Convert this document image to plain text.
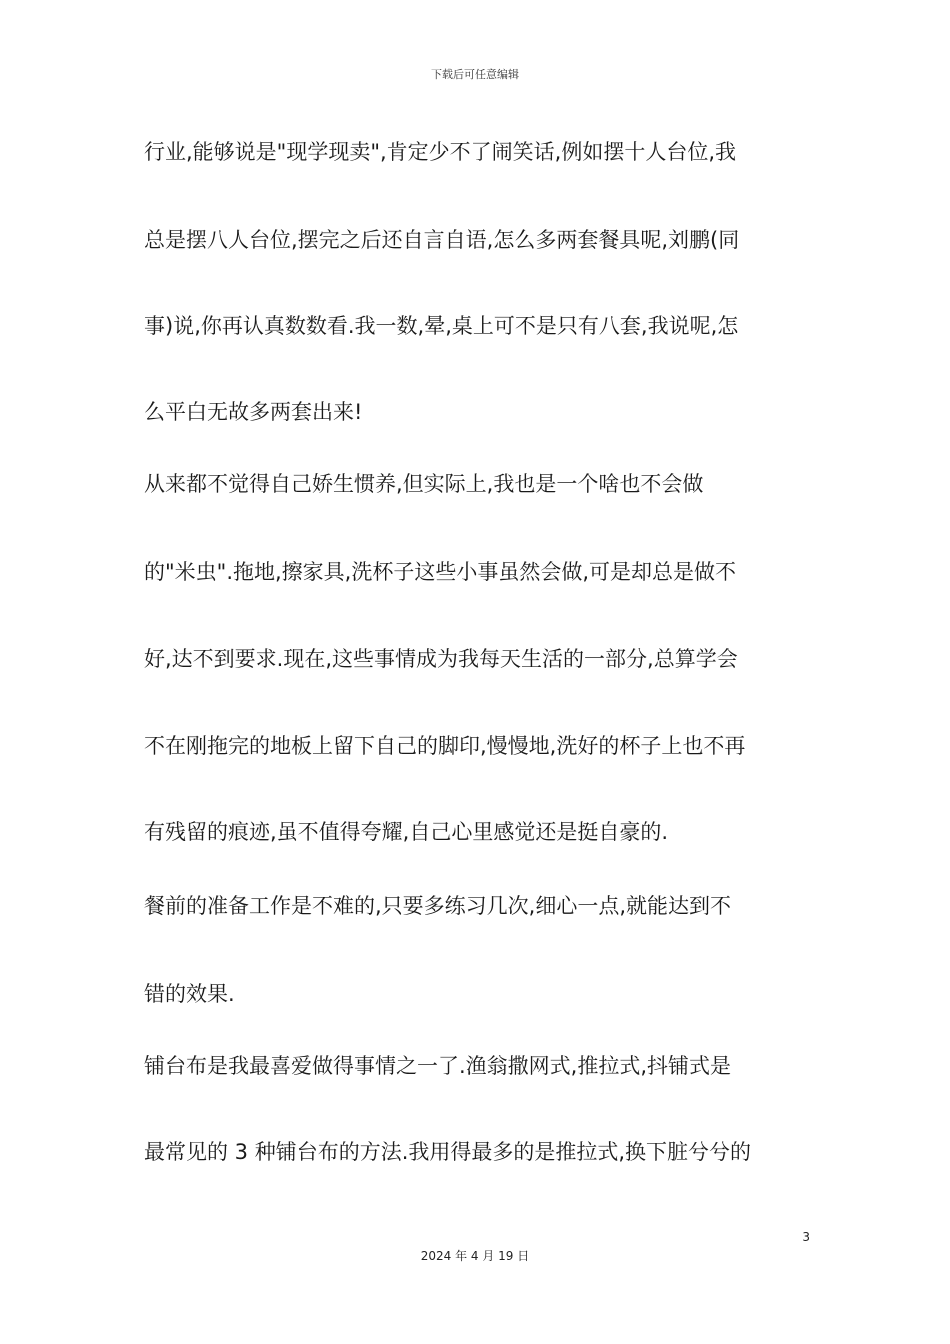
下载后可任意编辑
行业,能够说是"现学现卖",肯定少不了闹笑话,例如摆十人台位,我
总是摆八人台位,摆完之后还自言自语,怎么多两套餐具呢,刘鹏(同
事)说,你再认真数数看.我一数,晕,桌上可不是只有八套,我说呢,怎
么平白无故多两套出来!
从来都不觉得自己娇生惯养,但实际上,我也是一个啥也不会做
的"米虫".拖地,擦家具,洗杯子这些小事虽然会做,可是却总是做不
好,达不到要求.现在,这些事情成为我每天生活的一部分,总算学会
不在刚拖完的地板上留下自己的脚印,慢慢地,洗好的杯子上也不再
有残留的痕迹,虽不值得夸耀,自己心里感觉还是挺自豪的.
餐前的准备工作是不难的,只要多练习几次,细心一点,就能达到不
错的效果.
铺台布是我最喜爱做得事情之一了.渔翁撒网式,推拉式,抖铺式是
最常见的 3 种铺台布的方法.我用得最多的是推拉式,换下脏兮兮的
3
2024 年 4 月 19 日
